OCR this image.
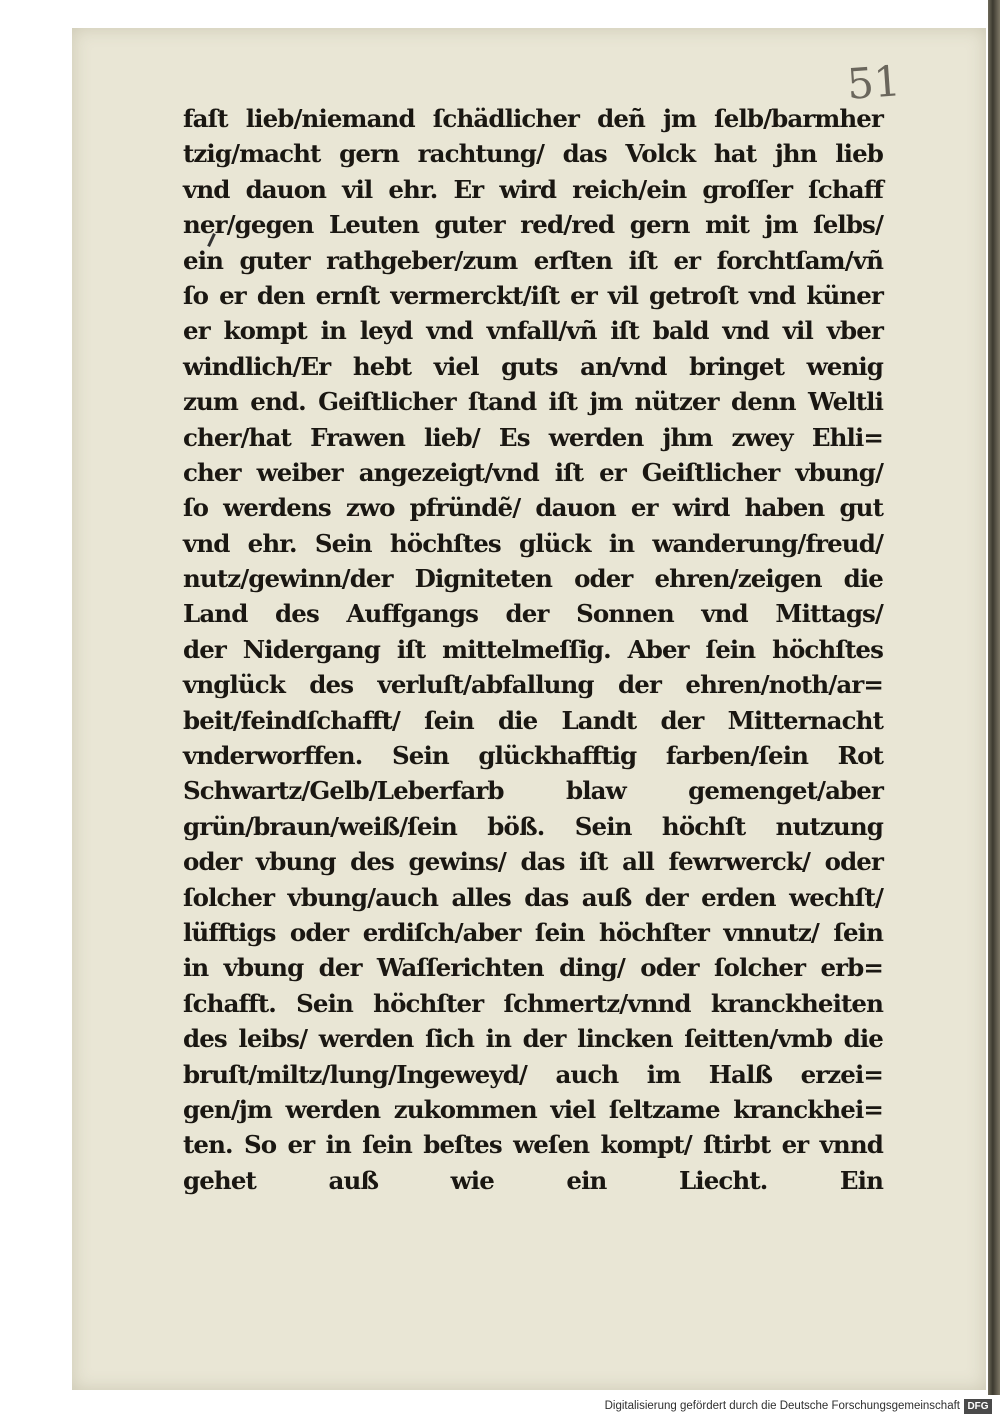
51
faſt lieb/niemand ſchädlicher deñ jm ſelb/barmher
tzig/macht gern rachtung/ das Volck hat jhn lieb
vnd dauon vil ehr. Er wird reich/ein groſſer ſchaff
ner/gegen Leuten guter red/red gern mit jm ſelbs/
ein guter rathgeber/zum erſten iſt er forchtſam/vñ
ſo er den ernſt vermerckt/iſt er vil getroſt vnd küner
er kompt in leyd vnd vnfall/vñ iſt bald vnd vil vber
windlich/Er hebt viel guts an/vnd bringet wenig
zum end. Geiſtlicher ſtand iſt jm nützer denn Weltli
cher/hat Frawen lieb/ Es werden jhm zwey Ehli=
cher weiber angezeigt/vnd iſt er Geiſtlicher vbung/
ſo werdens zwo pfründẽ/ dauon er wird haben gut
vnd ehr. Sein höchſtes glück in wanderung/freud/
nutz/gewinn/der Digniteten oder ehren/zeigen die
Land des Auffgangs der Sonnen vnd Mittags/
der Nidergang iſt mittelmeſſig. Aber ſein höchſtes
vnglück des verluſt/abfallung der ehren/noth/ar=
beit/feindſchafft/ ſein die Landt der Mitternacht
vnderworffen. Sein glückhafftig farben/ſein Rot
Schwartz/Gelb/Leberfarb blaw gemenget/aber
grün/braun/weiß/ſein böß. Sein höchſt nutzung
oder vbung des gewins/ das iſt all fewrwerck/ oder
ſolcher vbung/auch alles das auß der erden wechſt/
lüfftigs oder erdiſch/aber ſein höchſter vnnutz/ ſein
in vbung der Waſſerichten ding/ oder ſolcher erb=
ſchafft. Sein höchſter ſchmertz/vnnd kranckheiten
des leibs/ werden ſich in der lincken ſeitten/vmb die
bruſt/miltz/lung/Ingeweyd/ auch im Halß erzei=
gen/jm werden zukommen viel ſeltzame kranckhei=
ten. So er in ſein beſtes weſen kompt/ ſtirbt er vnnd
gehet auß wie ein Liecht. Ein
Digitalisierung gefördert durch die Deutsche Forschungsgemeinschaft DFG
